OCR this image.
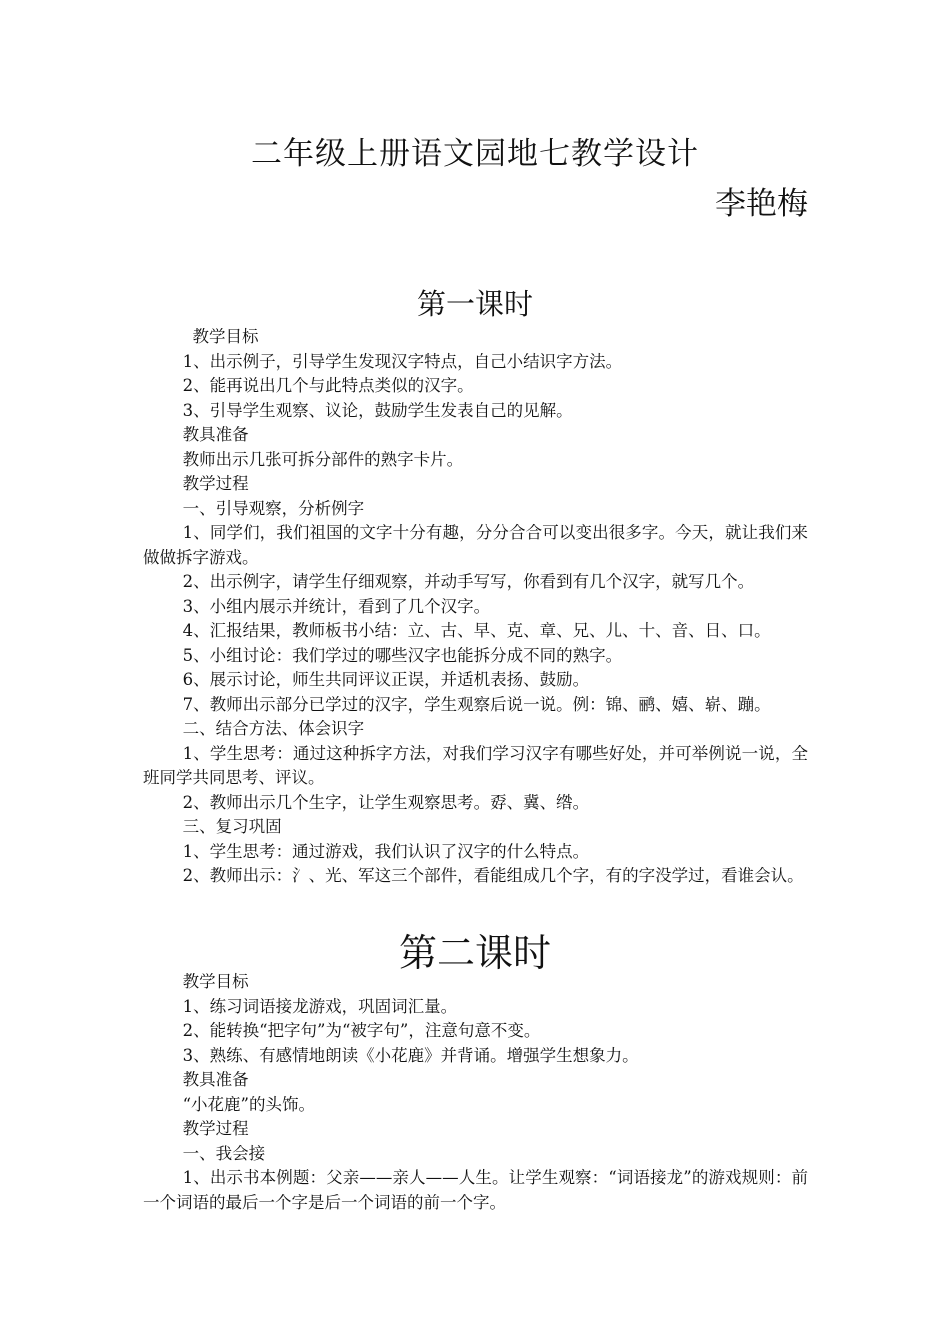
二年级上册语文园地七教学设计
李艳梅
第一课时

教学目标

1、出示例子，引导学生发现汉字特点，自己小结识字方法。

2、能再说出几个与此特点类似的汉字。

3、引导学生观察、议论，鼓励学生发表自己的见解。

教具准备

教师出示几张可拆分部件的熟字卡片。

教学过程

一、引导观察，分析例字

1、同学们，我们祖国的文字十分有趣，分分合合可以变出很多字。今天，就让我们来做做拆字游戏。

2、出示例字，请学生仔细观察，并动手写写，你看到有几个汉字，就写几个。

3、小组内展示并统计，看到了几个汉字。

4、汇报结果，教师板书小结：立、古、早、克、章、兄、儿、十、音、日、口。

5、小组讨论：我们学过的哪些汉字也能拆分成不同的熟字。

6、展示讨论，师生共同评议正误，并适机表扬、鼓励。

7、教师出示部分已学过的汉字，学生观察后说一说。例：锦、鹂、嬉、崭、蹦。

二、结合方法、体会识字

1、学生思考：通过这种拆字方法，对我们学习汉字有哪些好处，并可举例说一说，全班同学共同思考、评议。

2、教师出示几个生字，让学生观察思考。孬、冀、绺。

三、复习巩固

1、学生思考：通过游戏，我们认识了汉字的什么特点。

2、教师出示：氵、光、军这三个部件，看能组成几个字，有的字没学过，看谁会认。

第二课时

教学目标

1、练习词语接龙游戏，巩固词汇量。

2、能转换“把字句”为“被字句”，注意句意不变。

3、熟练、有感情地朗读《小花鹿》并背诵。增强学生想象力。

教具准备

“小花鹿”的头饰。

教学过程

一、我会接

1、出示书本例题：父亲——亲人——人生。让学生观察：“词语接龙”的游戏规则：前一个词语的最后一个字是后一个词语的前一个字。
